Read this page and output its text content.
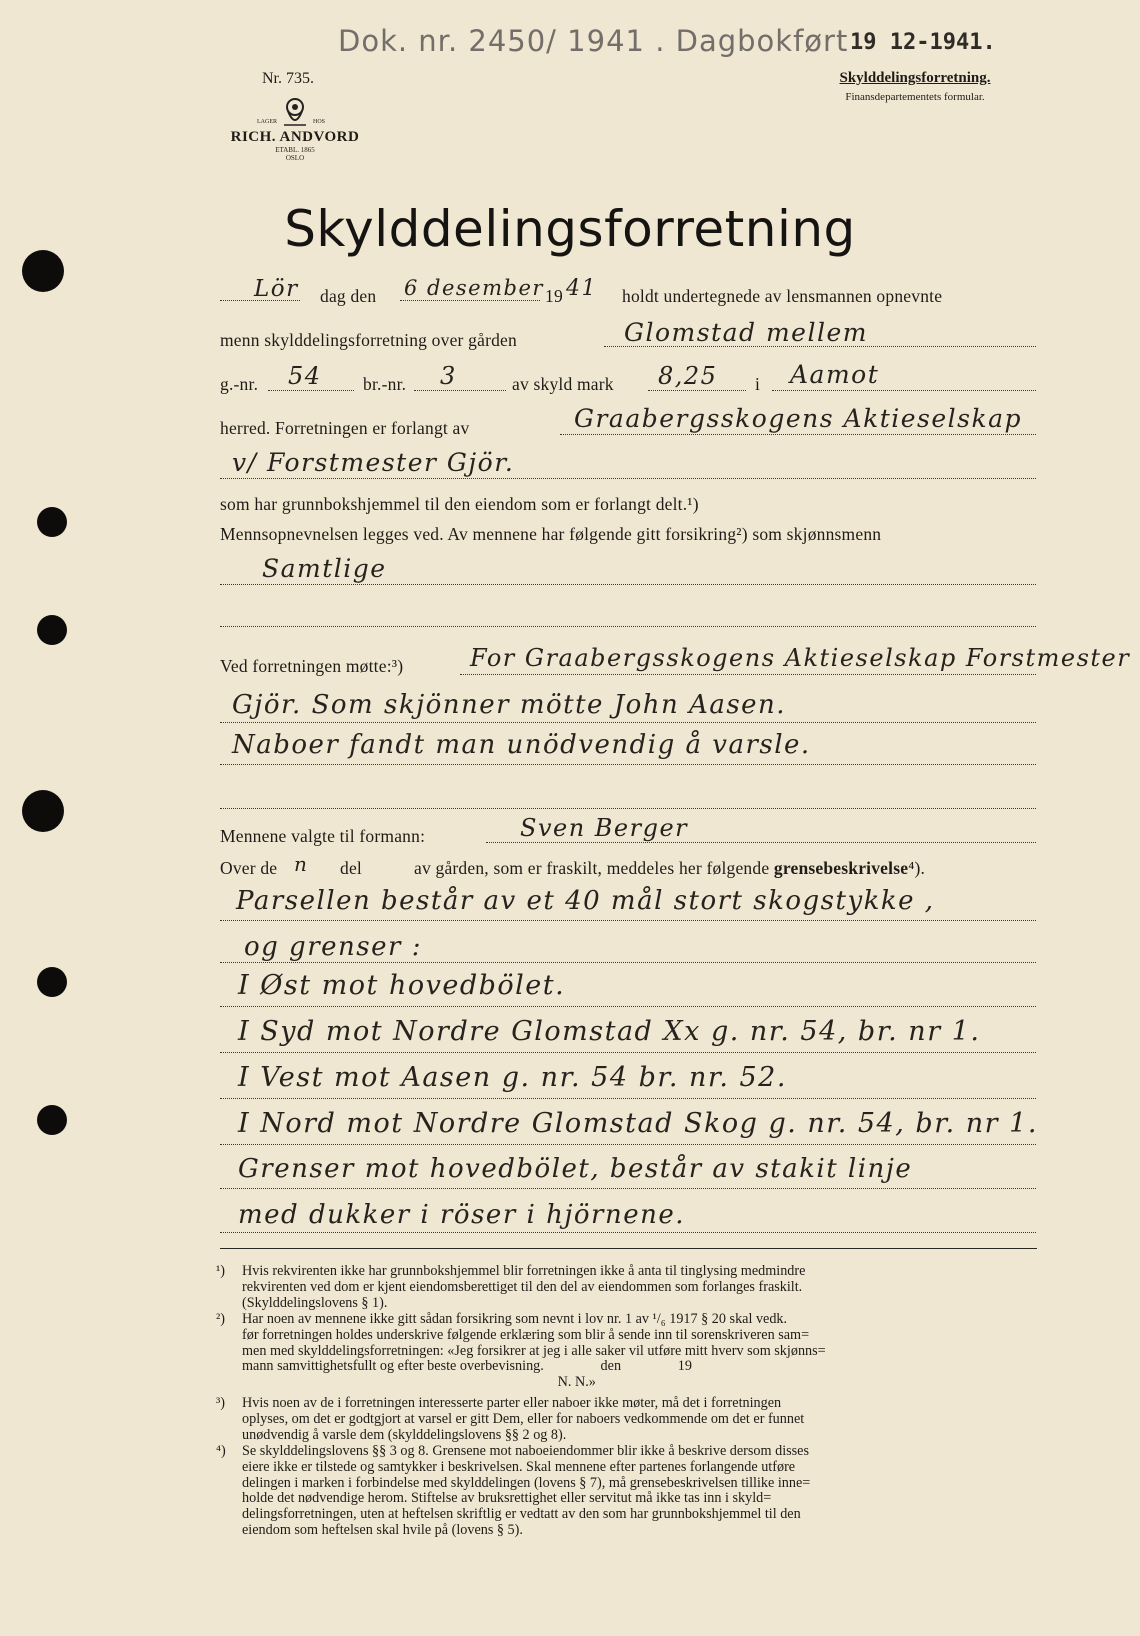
Dok. nr. 2450/ 1941 . Dagbokført 19 12-1941.
Nr. 735.
LAGER	HOS
RICH. ANDVORD
ETABL. 1865
OSLO
Skylddelingsforretning.
Finansdepartementets formular.
Skylddelingsforretning
Lör dag den 6 desember 19 41 holdt undertegnede av lensmannen opnevnte
menn skylddelingsforretning over gården	Glomstad mellem
g.-nr. 54 br.-nr. 3	av skyld mark 8,25 i Aamot
herred. Forretningen er forlangt av	Graabergsskogens Aktieselskap
v/ Forstmester Gjör.
som har grunnbokshjemmel til den eiendom som er forlangt delt.¹)
Mennsopnevnelsen legges ved. Av mennene har følgende gitt forsikring²) som skjønnsmenn
Samtlige
Ved forretningen møtte:³)	For Graabergsskogens Aktieselskap Forstmester
Gjör. Som skjönner mötte John Aasen.
Naboer fandt man unödvendig å varsle.
Mennene valgte til formann:	Sven Berger
Over de n del	av gården, som er fraskilt, meddeles her følgende grensebeskrivelse⁴).
Parsellen består av et 40 mål stort skogstykke ,
og grenser :
I Øst mot hovedbölet.
I Syd mot Nordre Glomstad Xx g. nr. 54, br. nr 1.
I Vest mot Aasen g. nr. 54 br. nr. 52.
I Nord mot Nordre Glomstad Skog g. nr. 54, br. nr 1.
Grenser mot hovedbölet, består av stakit linje
med dukker i röser i hjörnene.
¹) Hvis rekvirenten ikke har grunnbokshjemmel blir forretningen ikke å anta til tinglysing medmindre
rekvirenten ved dom er kjent eiendomsberettiget til den del av eiendommen som forlanges fraskilt.
(Skylddelingslovens § 1).
²) Har noen av mennene ikke gitt sådan forsikring som nevnt i lov nr. 1 av ¹/₆ 1917 § 20 skal vedk.
før forretningen holdes underskrive følgende erklæring som blir å sende inn til sorenskriveren sam=
men med skylddelingsforretningen: «Jeg forsikrer at jeg i alle saker vil utføre mitt hverv som skjønns=
mann samvittighetsfullt og efter beste overbevisning.                den                19
N. N.»
³) Hvis noen av de i forretningen interesserte parter eller naboer ikke møter, må det i forretningen
oplyses, om det er godtgjort at varsel er gitt Dem, eller for naboers vedkommende om det er funnet
unødvendig å varsle dem (skylddelingslovens §§ 2 og 8).
⁴) Se skylddelingslovens §§ 3 og 8. Grensene mot naboeiendommer blir ikke å beskrive dersom disses
eiere ikke er tilstede og samtykker i beskrivelsen. Skal mennene efter partenes forlangende utføre
delingen i marken i forbindelse med skylddelingen (lovens § 7), må grensebeskrivelsen tillike inne=
holde det nødvendige herom. Stiftelse av bruksrettighet eller servitut må ikke tas inn i skyld=
delingsforretningen, uten at heftelsen skriftlig er vedtatt av den som har grunnbokshjemmel til den
eiendom som heftelsen skal hvile på (lovens § 5).
